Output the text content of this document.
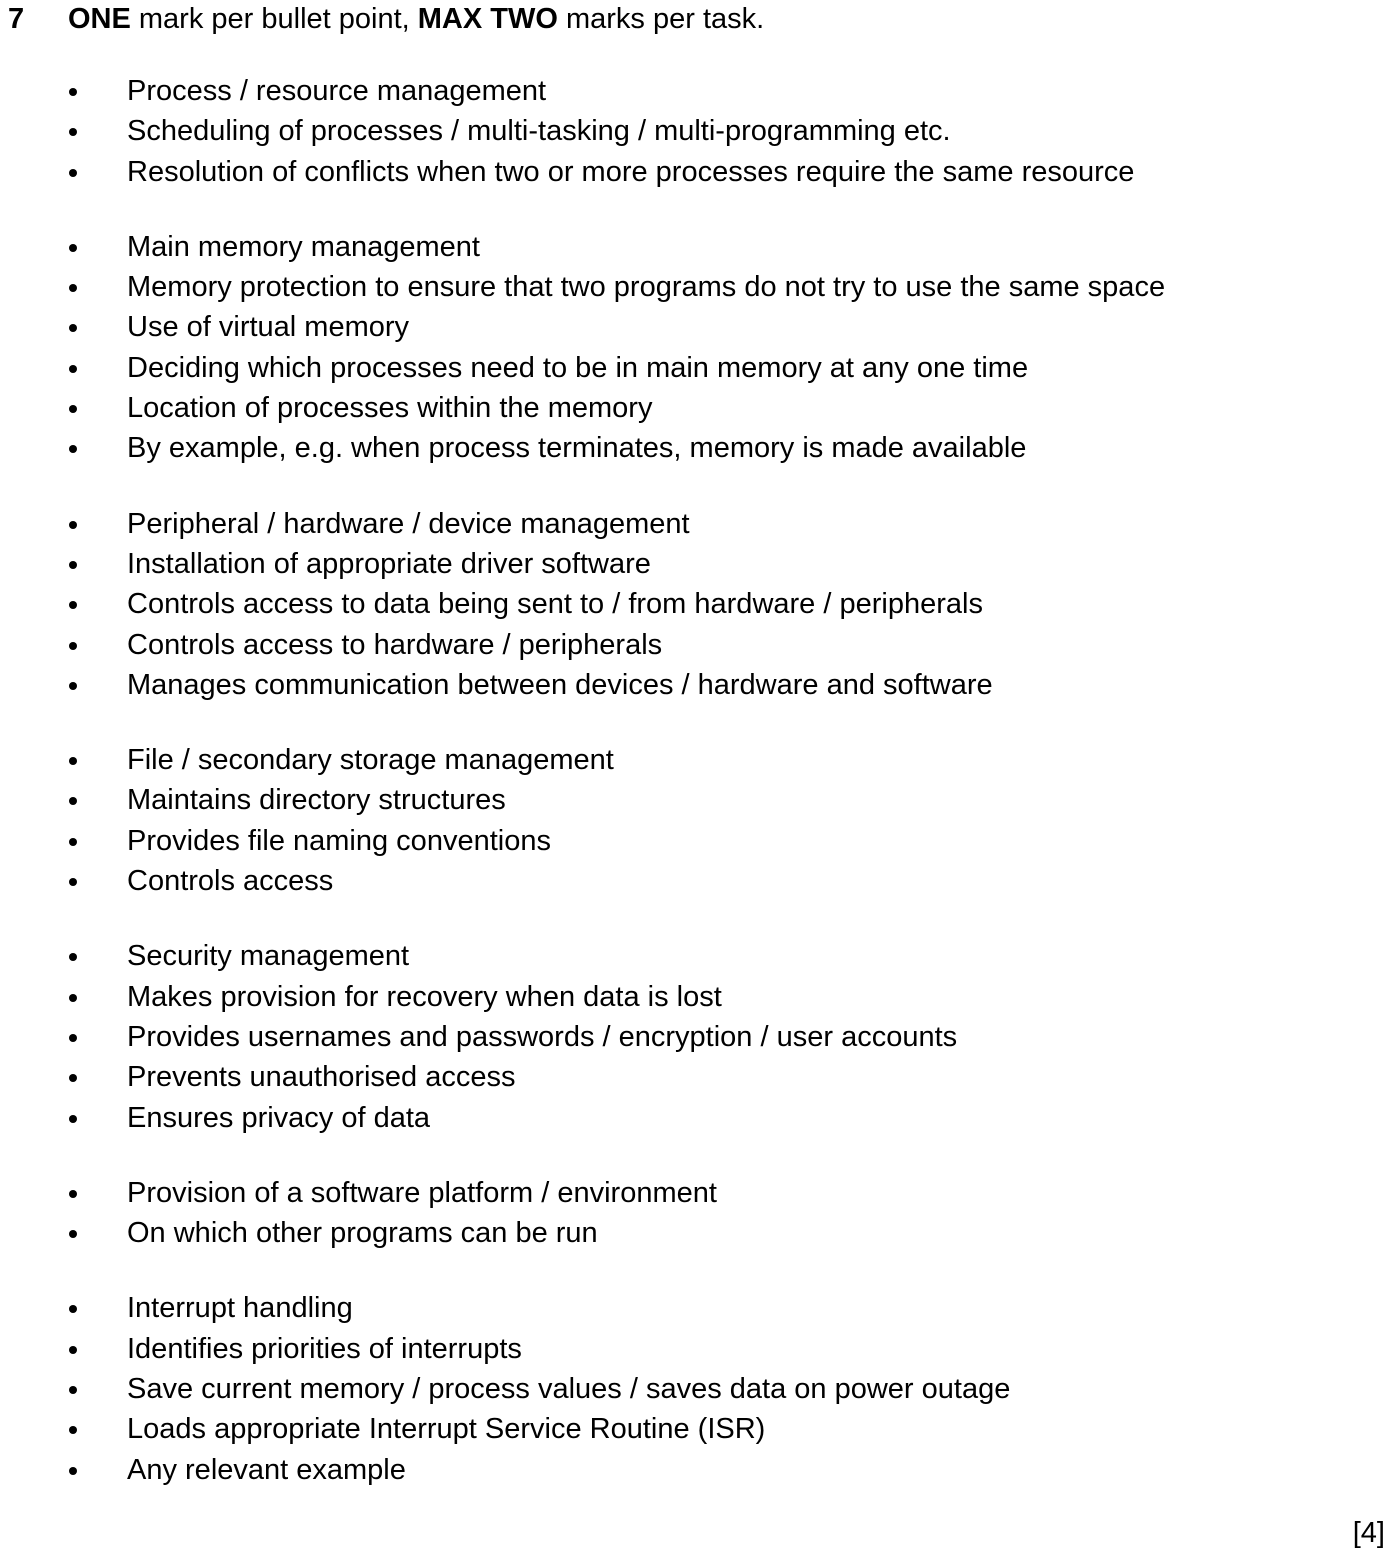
7 ONE mark per bullet point, MAX TWO marks per task.
Process / resource management
Scheduling of processes / multi-tasking / multi-programming etc.
Resolution of conflicts when two or more processes require the same resource
Main memory management
Memory protection to ensure that two programs do not try to use the same space
Use of virtual memory
Deciding which processes need to be in main memory at any one time
Location of processes within the memory
By example, e.g. when process terminates, memory is made available
Peripheral / hardware / device management
Installation of appropriate driver software
Controls access to data being sent to / from hardware / peripherals
Controls access to hardware / peripherals
Manages communication between devices / hardware and software
File / secondary storage management
Maintains directory structures
Provides file naming conventions
Controls access
Security management
Makes provision for recovery when data is lost
Provides usernames and passwords / encryption / user accounts
Prevents unauthorised access
Ensures privacy of data
Provision of a software platform / environment
On which other programs can be run
Interrupt handling
Identifies priorities of interrupts
Save current memory / process values / saves data on power outage
Loads appropriate Interrupt Service Routine (ISR)
Any relevant example
[4]
